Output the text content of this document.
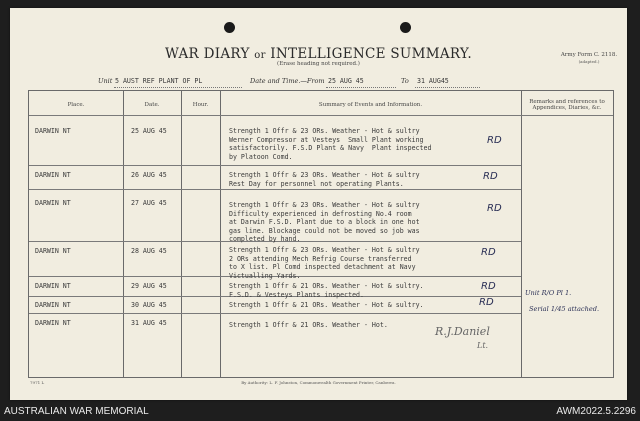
WAR DIARY or INTELLIGENCE SUMMARY.
(Erase heading not required.)
Army Form C. 2118.
(adapted.)
Unit 5 AUST REF PLANT OF PL	Date and Time.—From 25 AUG 45	To 31 AUG45
Place.	Date.	Hour.	Summary of Events and Information.	Remarks and references to Appendices, Diaries, &c.
DARWIN NT	25 AUG 45	Strength 1 Offr & 23 ORs. Weather - Hot & sultry
Werner Compressor at Vesteys  Small Plant working
satisfactorily. F.S.D Plant & Navy  Plant inspected
by Platoon Comd.
RD
DARWIN NT	26 AUG 45	Strength 1 Offr & 23 ORs. Weather - Hot & sultry
Rest Day for personnel not operating Plants.
RD
DARWIN NT	27 AUG 45	Strength 1 Offr & 23 ORs. Weather - Hot & sultry
Difficulty experienced in defrosting No.4 room
at Darwin F.S.D. Plant due to a block in one hot
gas line. Blockage could not be moved so job was
completed by hand.
RD
DARWIN NT	28 AUG 45	Strength 1 Offr & 23 ORs. Weather - Hot & sultry
2 ORs attending Mech Refrig Course transferred
to X list. Pl Comd inspected detachment at Navy
Victualling Yards.
RD
DARWIN NT	29 AUG 45	Strength 1 Offr & 21 ORs. Weather - Hot & sultry.
F.S.D. & Vesteys Plants inspected.
RD
DARWIN NT	30 AUG 45	Strength 1 Offr & 21 ORs. Weather - Hot & sultry.	RD
DARWIN NT	31 AUG 45	Strength 1 Offr & 21 ORs. Weather - Hot.
Unit R/O Pl 1.
Serial 1/45 attached.
R.J.Daniel
Lt.
7971 L	By Authority: L. F. Johnston, Commonwealth Government Printer, Canberra.
AUSTRALIAN WAR MEMORIAL	AWM2022.5.2296
